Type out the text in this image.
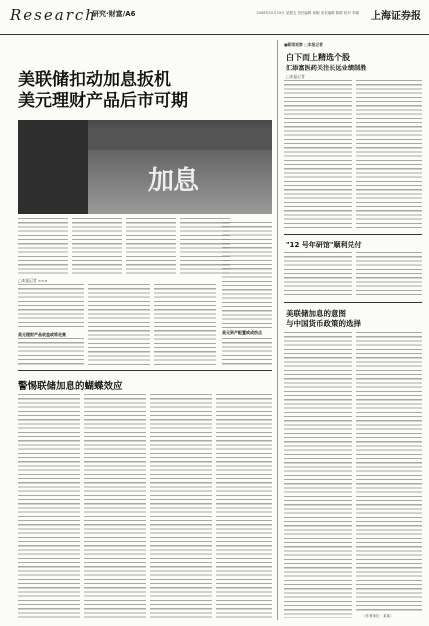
Research
研究·财富/A6	2009年10月19日 星期五 责任编辑 黄刚 美术编辑 陈维 校对 李娜 上海证券报
美联储扣动加息扳机
美元理财产品后市可期
加息
□本报记者 ×××
美元理财产品收益或将走高	美元资产配置或成热点
警惕联储加息的蝴蝶效应
■新闻观察 □本报记者
白下而上精选个股
汇添富医药关注长远业绩制胜
□本报记者
"12 号年研馆"顺利兑付
美联储加息的意图
与中国货币政策的选择
（作者单位：某某）
